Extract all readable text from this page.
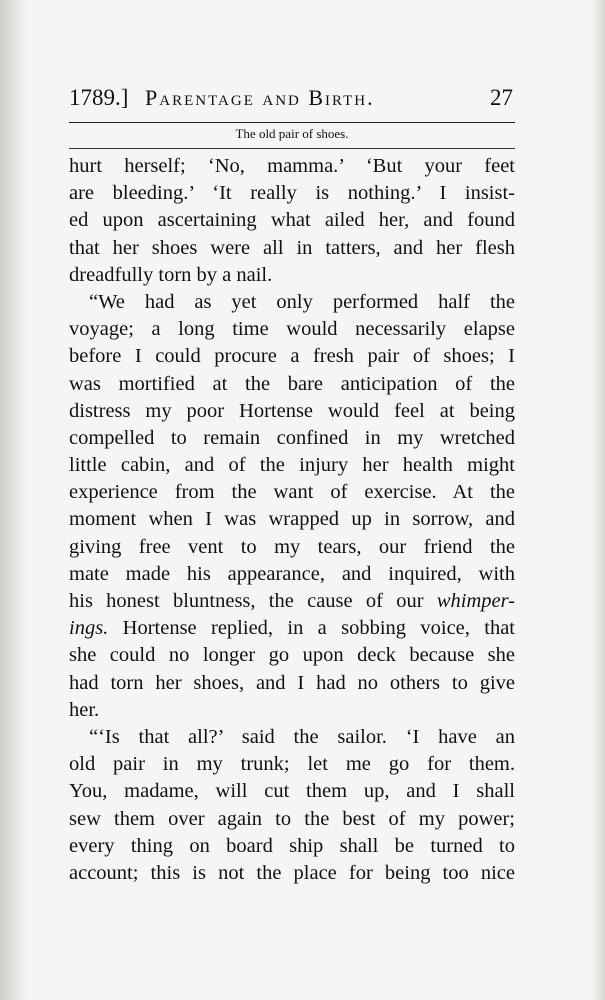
1789.] Parentage and Birth.	27
The old pair of shoes.
hurt herself; ‘No, mamma.’ ‘But your feet
are bleeding.’ ‘It really is nothing.’ I insist-
ed upon ascertaining what ailed her, and found
that her shoes were all in tatters, and her flesh
dreadfully torn by a nail.
“We had as yet only performed half the
voyage; a long time would necessarily elapse
before I could procure a fresh pair of shoes; I
was mortified at the bare anticipation of the
distress my poor Hortense would feel at being
compelled to remain confined in my wretched
little cabin, and of the injury her health might
experience from the want of exercise. At the
moment when I was wrapped up in sorrow, and
giving free vent to my tears, our friend the
mate made his appearance, and inquired, with
his honest bluntness, the cause of our whimper-
ings. Hortense replied, in a sobbing voice, that
she could no longer go upon deck because she
had torn her shoes, and I had no others to give
her.
“‘Is that all?’ said the sailor. ‘I have an
old pair in my trunk; let me go for them.
You, madame, will cut them up, and I shall
sew them over again to the best of my power;
every thing on board ship shall be turned to
account; this is not the place for being too nice
